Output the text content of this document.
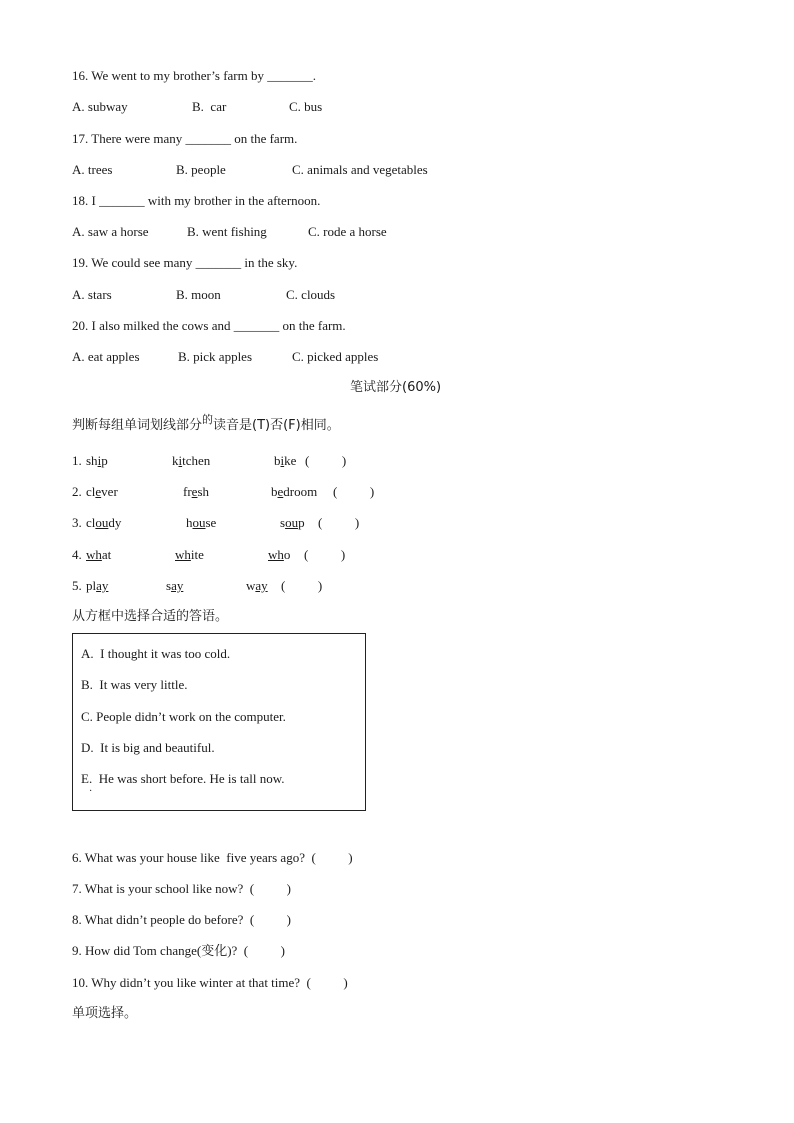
16. We went to my brother’s farm by _______.
A. subway	B.  car	C. bus
17. There were many _______ on the farm.
A. trees	B. people	C. animals and vegetables
18. I _______ with my brother in the afternoon.
A. saw a horse	B. went fishing	C. rode a horse
19. We could see many _______ in the sky.
A. stars	B. moon	C. clouds
20. I also milked the cows and _______ on the farm.
A. eat apples	B. pick apples	C. picked apples
笔试部分(60%)
判断每组单词划线部分$^的$读音是(T)否(F)相同。
1. ship	kitchen	bike (          )
2. clever	fresh	bedroom (          )
3. cloudy	house	soup (          )
4. what	white	who (          )
5. play	say	way (          )
从方框中选择合适的答语。
A.  I thought it was too cold.
B.  It was very little.
C. People didn’t work on the computer.
D.  It is big and beautiful.
E.  He was short before. He is tall now.
·
6. What was your house like  five years ago?  (          )
7. What is your school like now?  (          )
8. What didn’t people do before?  (          )
9. How did Tom change(变化)?  (          )
10. Why didn’t you like winter at that time?  (          )
单项选择。
